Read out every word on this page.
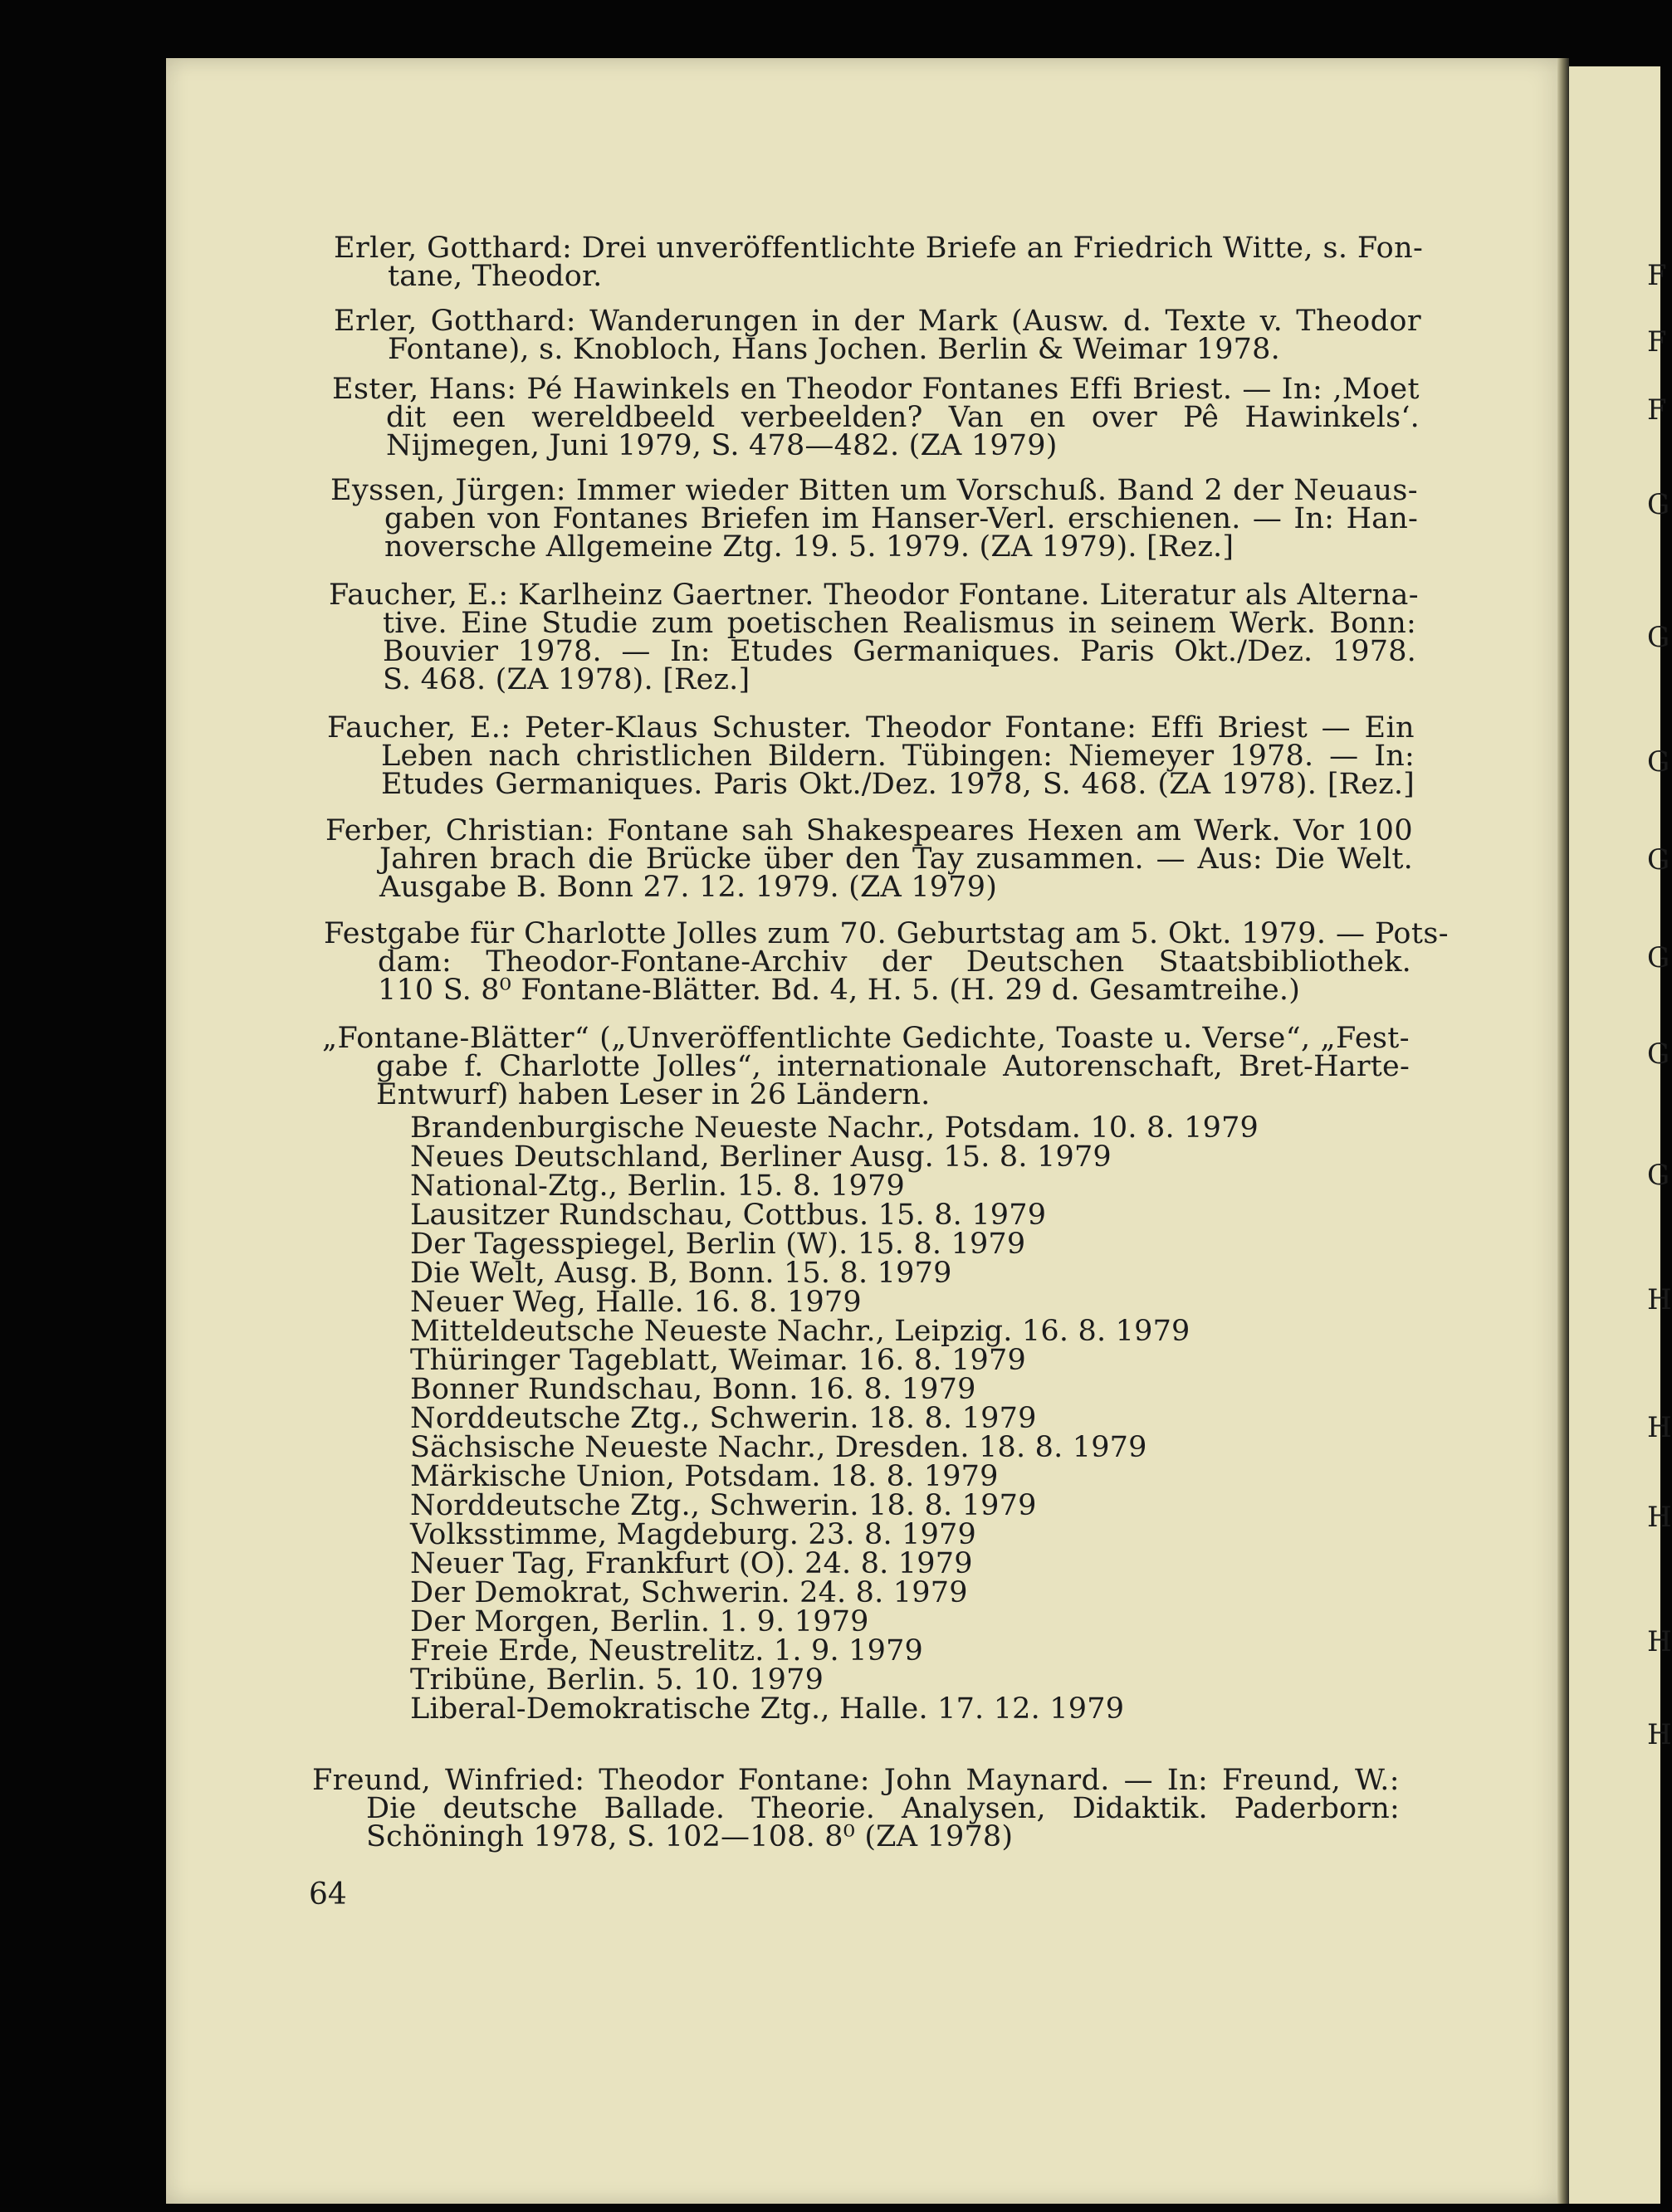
Erler, Gotthard: Drei unveröffentlichte Briefe an Friedrich Witte, s. Fon-
tane, Theodor.
Erler, Gotthard: Wanderungen in der Mark (Ausw. d. Texte v. Theodor
Fontane), s. Knobloch, Hans Jochen. Berlin & Weimar 1978.
Ester, Hans: Pé Hawinkels en Theodor Fontanes Effi Briest. — In: ‚Moet
dit een wereldbeeld verbeelden? Van en over Pê Hawinkels‘.
Nijmegen, Juni 1979, S. 478—482. (ZA 1979)
Eyssen, Jürgen: Immer wieder Bitten um Vorschuß. Band 2 der Neuaus-
gaben von Fontanes Briefen im Hanser-Verl. erschienen. — In: Han-
noversche Allgemeine Ztg. 19. 5. 1979. (ZA 1979). [Rez.]
Faucher, E.: Karlheinz Gaertner. Theodor Fontane. Literatur als Alterna-
tive. Eine Studie zum poetischen Realismus in seinem Werk. Bonn:
Bouvier 1978. — In: Etudes Germaniques. Paris Okt./Dez. 1978.
S. 468. (ZA 1978). [Rez.]
Faucher, E.: Peter-Klaus Schuster. Theodor Fontane: Effi Briest — Ein
Leben nach christlichen Bildern. Tübingen: Niemeyer 1978. — In:
Etudes Germaniques. Paris Okt./Dez. 1978, S. 468. (ZA 1978). [Rez.]
Ferber, Christian: Fontane sah Shakespeares Hexen am Werk. Vor 100
Jahren brach die Brücke über den Tay zusammen. — Aus: Die Welt.
Ausgabe B. Bonn 27. 12. 1979. (ZA 1979)
Festgabe für Charlotte Jolles zum 70. Geburtstag am 5. Okt. 1979. — Pots-
dam: Theodor-Fontane-Archiv der Deutschen Staatsbibliothek.
110 S. 8⁰ Fontane-Blätter. Bd. 4, H. 5. (H. 29 d. Gesamtreihe.)
„Fontane-Blätter“ („Unveröffentlichte Gedichte, Toaste u. Verse“, „Fest-
gabe f. Charlotte Jolles“, internationale Autorenschaft, Bret-Harte-
Entwurf) haben Leser in 26 Ländern.
Brandenburgische Neueste Nachr., Potsdam. 10. 8. 1979
Neues Deutschland, Berliner Ausg. 15. 8. 1979
National-Ztg., Berlin. 15. 8. 1979
Lausitzer Rundschau, Cottbus. 15. 8. 1979
Der Tagesspiegel, Berlin (W). 15. 8. 1979
Die Welt, Ausg. B, Bonn. 15. 8. 1979
Neuer Weg, Halle. 16. 8. 1979
Mitteldeutsche Neueste Nachr., Leipzig. 16. 8. 1979
Thüringer Tageblatt, Weimar. 16. 8. 1979
Bonner Rundschau, Bonn. 16. 8. 1979
Norddeutsche Ztg., Schwerin. 18. 8. 1979
Sächsische Neueste Nachr., Dresden. 18. 8. 1979
Märkische Union, Potsdam. 18. 8. 1979
Norddeutsche Ztg., Schwerin. 18. 8. 1979
Volksstimme, Magdeburg. 23. 8. 1979
Neuer Tag, Frankfurt (O). 24. 8. 1979
Der Demokrat, Schwerin. 24. 8. 1979
Der Morgen, Berlin. 1. 9. 1979
Freie Erde, Neustrelitz. 1. 9. 1979
Tribüne, Berlin. 5. 10. 1979
Liberal-Demokratische Ztg., Halle. 17. 12. 1979
Freund, Winfried: Theodor Fontane: John Maynard. — In: Freund, W.:
Die deutsche Ballade. Theorie. Analysen, Didaktik. Paderborn:
Schöningh 1978, S. 102—108. 8⁰ (ZA 1978)
64
F
F
F
G
G
G
G
G
G
G
H
H
H
H
H
